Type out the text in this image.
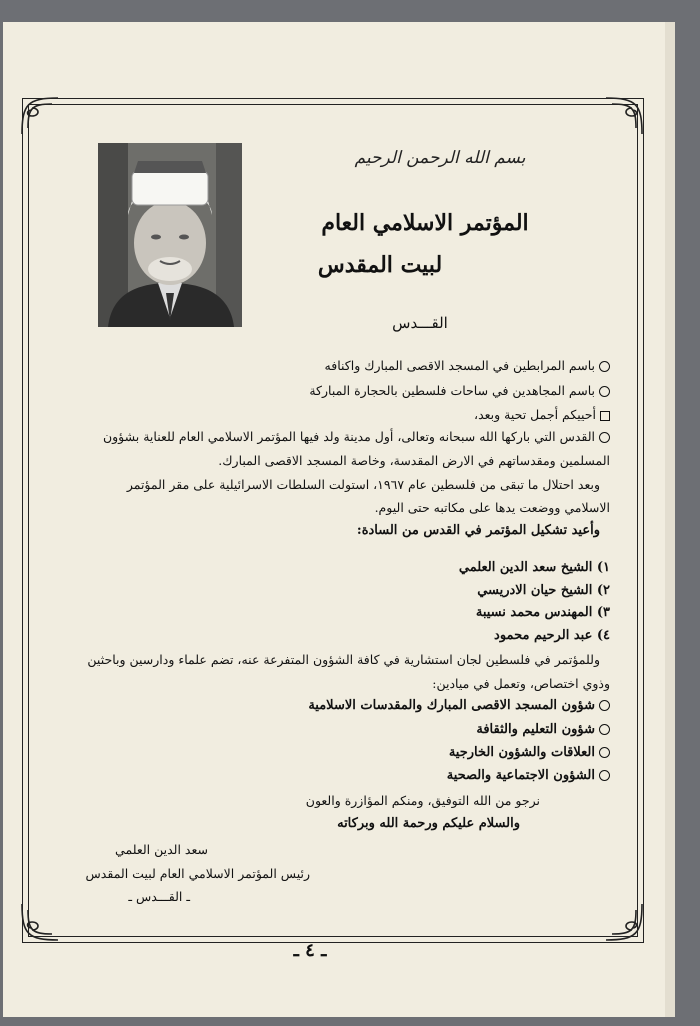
بسم الله الرحمن الرحيم
المؤتمر الاسلامي العام
لبيت المقدس
القـــدس
باسم المرابطين في المسجد الاقصى المبارك واكنافه
باسم المجاهدين في ساحات فلسطين بالحجارة المباركة
أحييكم أجمل تحية وبعد،
القدس التي باركها الله سبحانه وتعالى، أول مدينة ولد فيها المؤتمر الاسلامي العام للعناية بشؤون
المسلمين ومقدساتهم في الارض المقدسة، وخاصة المسجد الاقصى المبارك.
وبعد احتلال ما تبقى من فلسطين عام ١٩٦٧، استولت السلطات الاسرائيلية على مقر المؤتمر
الاسلامي ووضعت يدها على مكاتبه حتى اليوم.
وأعيد تشكيل المؤتمر في القدس من السادة:
١) الشيخ سعد الدين العلمي
٢) الشيخ حيان الادريسي
٣) المهندس محمد نسيبة
٤) عبد الرحيم محمود
وللمؤتمر في فلسطين لجان استشارية في كافة الشؤون المتفرعة عنه، تضم علماء ودارسين وباحثين
وذوي اختصاص، وتعمل في ميادين:
شؤون المسجد الاقصى المبارك والمقدسات الاسلامية
شؤون التعليم والثقافة
العلاقات والشؤون الخارجية
الشؤون الاجتماعية والصحية
نرجو من الله التوفيق، ومنكم المؤازرة والعون
والسلام عليكم ورحمة الله وبركاته
سعد الدين العلمي
رئيس المؤتمر الاسلامي العام لبيت المقدس
ـ القـــدس ـ
ـ ٤ ـ
